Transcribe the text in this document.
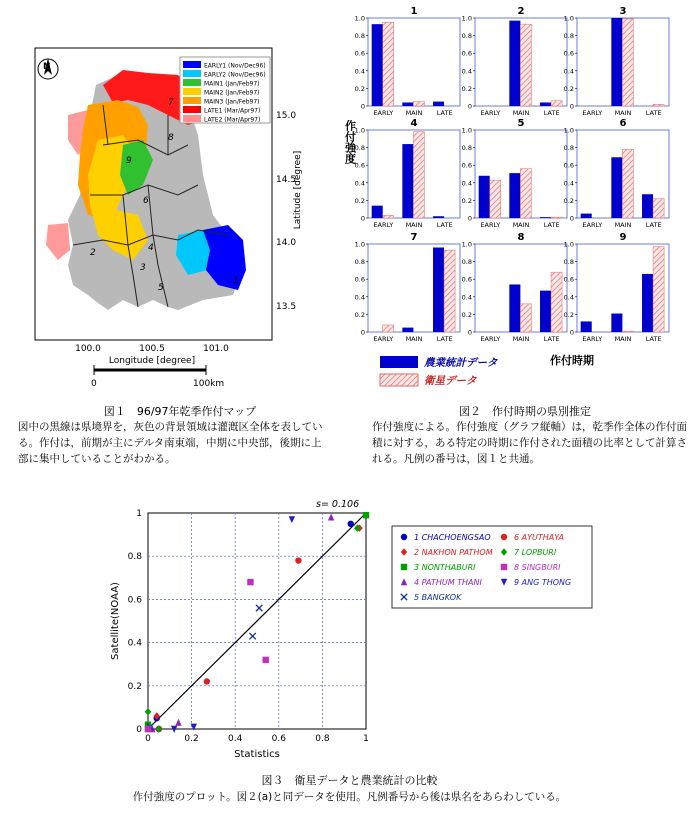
1
2
3
4
5
6
7
8
9
N	EARLY1 (Nov/Dec96)
EARLY2 (Nov/Dec96)
MAIN1 (Jan/Feb97)
MAIN2 (Jan/Feb97)
MAIN3 (Jan/Feb97)
LATE1 (Mar/Apr97)
LATE2 (Mar/Apr97) 15.0
14.5
14.0
13.5
Latitude [degree]
100.0	100.5	101.0
Longitude [degree]
0	100km
図１　96/97年乾季作付マップ
図中の黒線は県境界を，灰色の背景領域は灌漑区全体を表している。作付は，前期が主にデルタ南東端，中期に中央部，後期に上部に集中していることがわかる。
1
0
0.2
0.4
0.6
0.8
1.0
EARLY MAIN LATE
2
0
0.2
0.4
0.6
0.8
1.0
EARLY MAIN LATE
3
0
0.2
0.4
0.6
0.8
1.0
EARLY MAIN LATE
4
0
0.2
0.4
0.6
0.8
1.0
EARLY MAIN LATE
5
0
0.2
0.4
0.6
0.8
1.0
EARLY MAIN LATE
6
0
0.2
0.4
0.6
0.8
1.0
EARLY MAIN LATE
7
0
0.2
0.4
0.6
0.8
1.0
EARLY MAIN LATE
8
0
0.2
0.4
0.6
0.8
1.0
EARLY MAIN LATE
9
0
0.2
0.4
0.6
0.8
1.0
EARLY MAIN LATE
作付強度
農業統計データ
衛星データ
作付時期
図２　作付時期の県別推定
作付強度による。作付強度（グラフ縦軸）は，乾季作全体の作付面積に対する，ある特定の時期に作付された面積の比率として計算される。凡例の番号は，図１と共通。
0	0.2	0.4	0.6	0.8	1
0
0.2
0.4
0.6
0.8
1
s= 0.106
Statistics
Satellite(NOAA)
1 CHACHOENGSAO	6 AYUTHAYA
2 NAKHON PATHOM	7 LOPBURI
3 NONTHABURI	8 SINGBURI
4 PATHUM THANI	9 ANG THONG
5 BANGKOK
図３　衛星データと農業統計の比較
作付強度のプロット。図２(a)と同データを使用。凡例番号から後は県名をあらわしている。
